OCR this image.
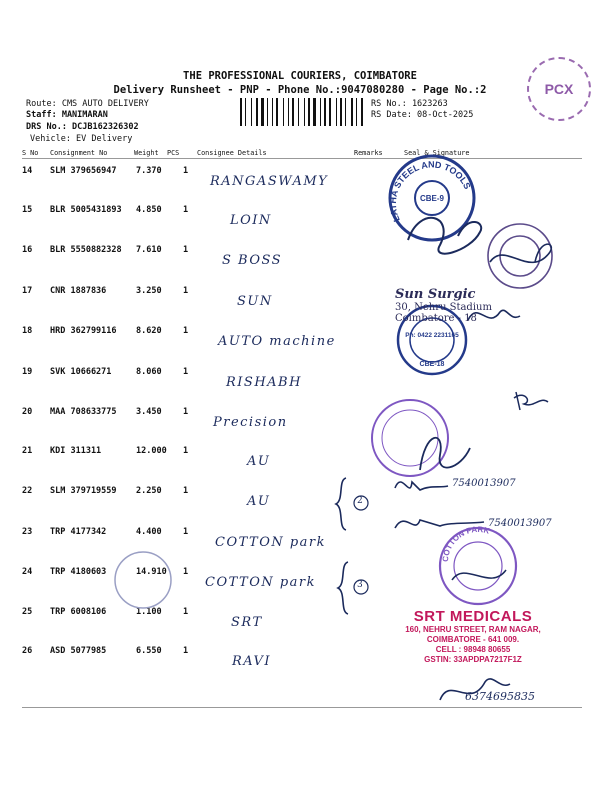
PCX
THE PROFESSIONAL COURIERS, COIMBATORE
Delivery Runsheet - PNP - Phone No.:9047080280 - Page No.:2
Route: CMS AUTO DELIVERY
Staff: MANIMARAN
DRS No.: DCJB162326302
Vehicle: EV Delivery
RS No.: 1623263
RS Date: 08-Oct-2025
S No Consignment No	Weight PCS	Consignee Details	Remarks	Seal & Signature
14 SLM 379656947 7.370	1
RANGASWAMY
15 BLR 5005431893 4.850	1
LOIN
16 BLR 5550882328 7.610	1
S BOSS
17 CNR 1887836	3.250	1
SUN
18 HRD 362799116 8.620	1
AUTO machine
19 SVK 10666271	8.060	1
RISHABH
20 MAA 708633775 3.450	1
Precision
21 KDI 311311	12.000 1
AU
22 SLM 379719559 2.250	1
AU
23 TRP 4177342	4.400	1
COTTON park
24 TRP 4180603	14.910 1
COTTON park
25 TRP 6008106	1.100	1
SRT
26 ASD 5077985	6.550	1
RAVI
CBE-9
LATHA STEEL AND TOOLS
Ph: 0422 2231165
CBE-18
COTTON PARK
2
3
Sun Surgic
30, Nehru Stadium
Coimbatore - 18
7540013907
7540013907
SRT MEDICALS
160, NEHRU STREET, RAM NAGAR,
COIMBATORE - 641 009.
CELL : 98948 80655
GSTIN: 33APDPA7217F1Z
6374695835
